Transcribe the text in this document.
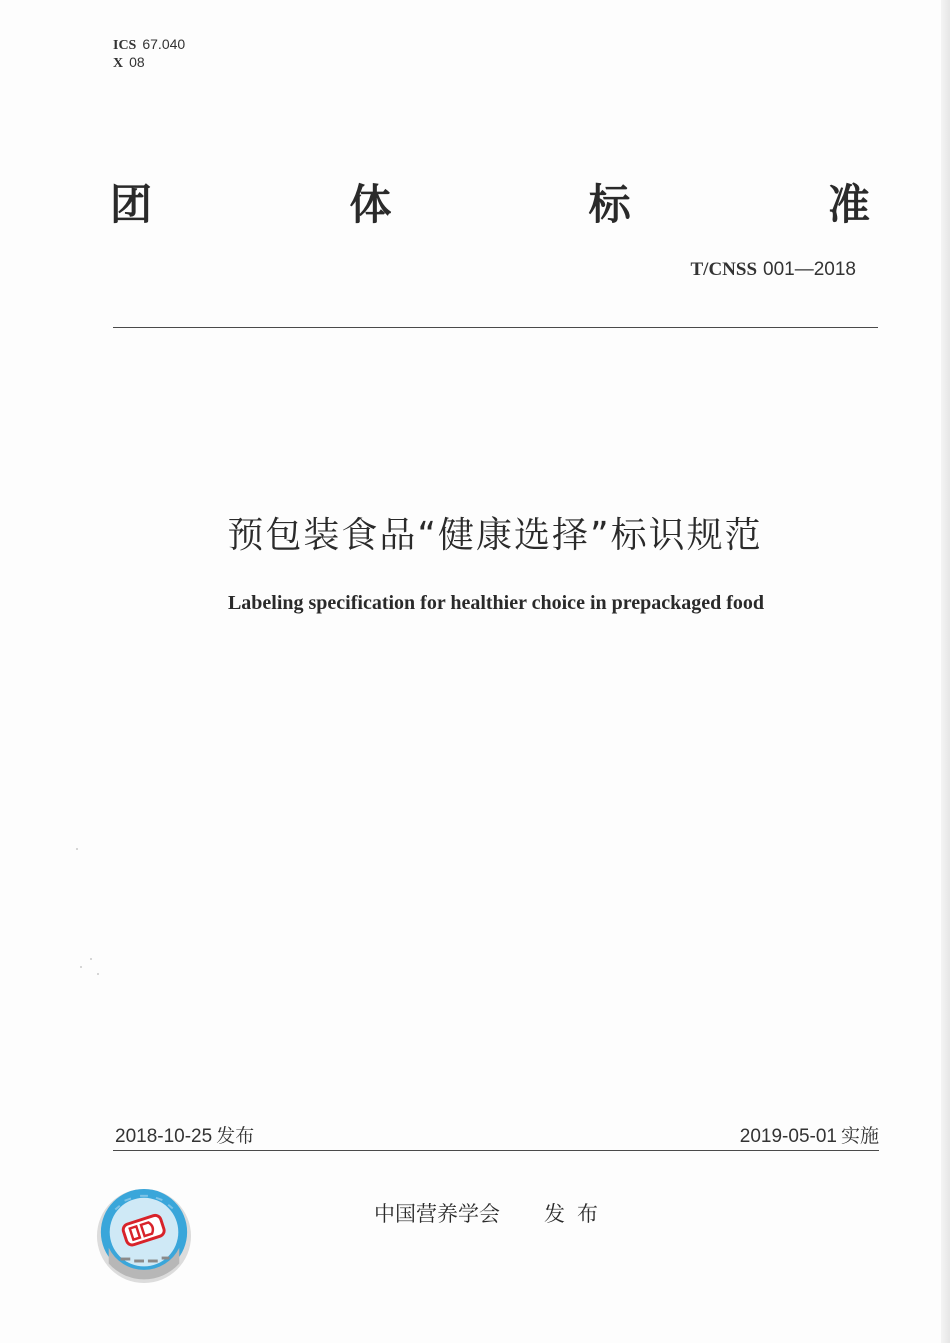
ICS 67.040
X 08
团	体	标	准
T/CNSS 001—2018
预包装食品“健康选择”标识规范
Labeling specification for healthier choice in prepackaged food
2018-10-25 发布	2019-05-01 实施
中国营养学会 发布
